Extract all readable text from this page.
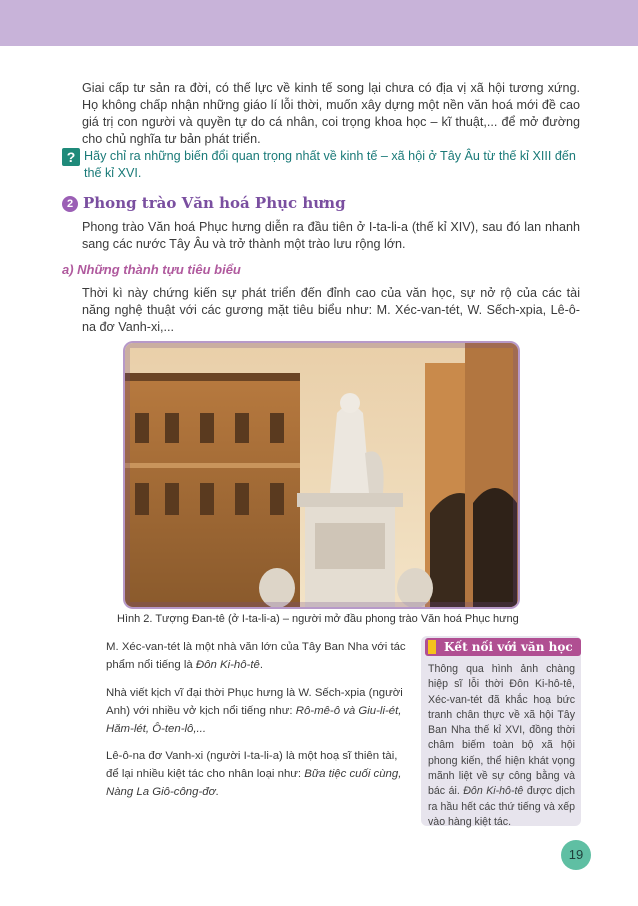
Giai cấp tư sản ra đời, có thế lực về kinh tế song lại chưa có địa vị xã hội tương xứng. Họ không chấp nhận những giáo lí lỗi thời, muốn xây dựng một nền văn hoá mới đề cao giá trị con người và quyền tự do cá nhân, coi trọng khoa học – kĩ thuật,... để mở đường cho chủ nghĩa tư bản phát triển.
? Hãy chỉ ra những biến đổi quan trọng nhất về kinh tế – xã hội ở Tây Âu từ thế kỉ XIII đến thế kỉ XVI.
2 Phong trào Văn hoá Phục hưng
Phong trào Văn hoá Phục hưng diễn ra đầu tiên ở I-ta-li-a (thế kỉ XIV), sau đó lan nhanh sang các nước Tây Âu và trở thành một trào lưu rộng lớn.
a) Những thành tựu tiêu biểu
Thời kì này chứng kiến sự phát triển đến đỉnh cao của văn học, sự nở rộ của các tài năng nghệ thuật với các gương mặt tiêu biểu như: M. Xéc-van-tét, W. Sếch-xpia, Lê-ô-na đơ Vanh-xi,...
Hình 2. Tượng Đan-tê (ở I-ta-li-a) – người mở đầu phong trào Văn hoá Phục hưng
M. Xéc-van-tét là một nhà văn lớn của Tây Ban Nha với tác phẩm nổi tiếng là Đôn Ki-hô-tê.
Nhà viết kịch vĩ đại thời Phục hưng là W. Sếch-xpia (người Anh) với nhiều vở kịch nổi tiếng như: Rô-mê-ô và Giu-li-ét, Hăm-lét, Ô-ten-lô,...
Lê-ô-na đơ Vanh-xi (người I-ta-li-a) là một hoạ sĩ thiên tài, để lại nhiều kiệt tác cho nhân loại như: Bữa tiệc cuối cùng, Nàng La Giô-công-đơ.
Kết nối với văn học
Thông qua hình ảnh chàng hiệp sĩ lỗi thời Đôn Ki-hô-tê, Xéc-van-tét đã khắc hoạ bức tranh chân thực về xã hội Tây Ban Nha thế kỉ XVI, đồng thời châm biếm toàn bộ xã hội phong kiến, thể hiện khát vọng mãnh liệt về sự công bằng và bác ái. Đôn Ki-hô-tê được dịch ra hầu hết các thứ tiếng và xếp vào hàng kiệt tác.
19
